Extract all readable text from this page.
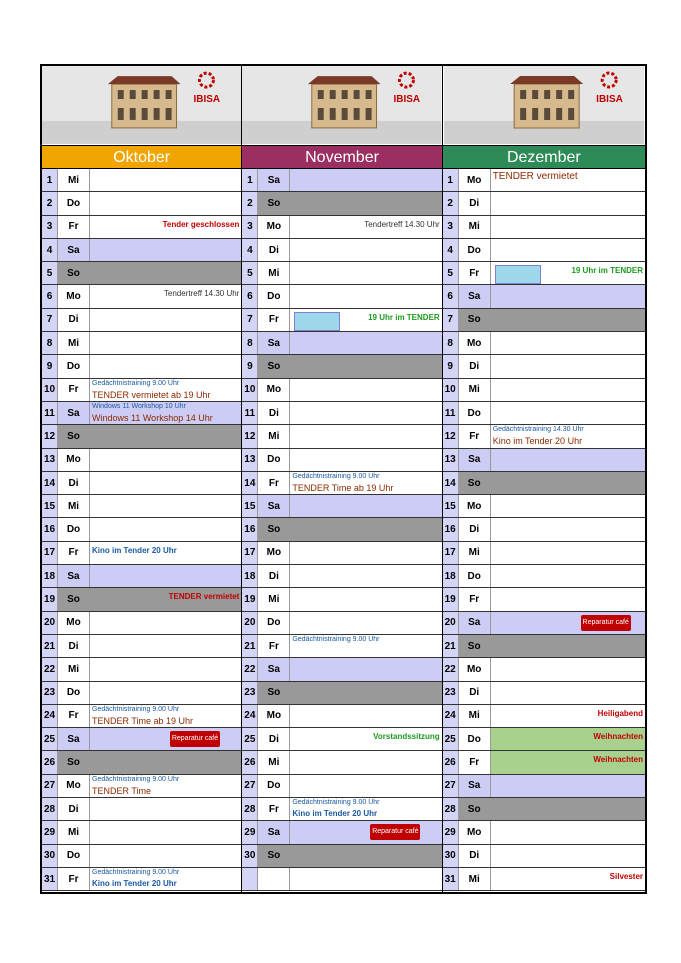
IBISA
Oktober
1	Mi
2	Do
3	Fr	Tender geschlossen
4	Sa
5	So
6	Mo	Tendertreff 14.30 Uhr
7	Di
8	Mi
9	Do
10	Fr
Gedächtnistraining 9.00 Uhr
TENDER vermietet ab 19 Uhr
11	Sa
Windows 11 Workshop 10 Uhr
Windows 11 Workshop 14 Uhr
12	So
13	Mo
14	Di
15	Mi
16	Do
17	Fr	Kino im Tender 20 Uhr
18	Sa
19	So	TENDER vermietet
20	Mo
21	Di
22	Mi
23	Do
24	Fr
Gedächtnistraining 9.00 Uhr
TENDER Time ab 19 Uhr
25	Sa	Reparatur café
26	So
27	Mo
Gedächtnistraining 9.00 Uhr
TENDER Time
28	Di
29	Mi
30	Do
31	Fr
Gedächtnistraining 9.00 Uhr
Kino im Tender 20 Uhr
IBISA
November
1	Sa
2	So
3	Mo	Tendertreff 14.30 Uhr
4	Di
5	Mi
6	Do
7	Fr	19 Uhr im TENDER
8	Sa
9	So
10	Mo
11	Di
12	Mi
13	Do
14	Fr
Gedächtnistraining 9.00 Uhr
TENDER Time ab 19 Uhr
15	Sa
16	So
17	Mo
18	Di
19	Mi
20	Do
21	Fr
Gedächtnistraining 9.00 Uhr
22	Sa
23	So
24	Mo
25	Di	Vorstandssitzung
26	Mi
27	Do
28	Fr
Gedächtnistraining 9.00 Uhr
Kino im Tender 20 Uhr
29	Sa	Reparatur café
30	So
IBISA
Dezember
1	Mo	TENDER vermietet
2	Di
3	Mi
4	Do
5	Fr	19 Uhr im TENDER
6	Sa
7	So
8	Mo
9	Di
10	Mi
11	Do
12	Fr
Gedächtnistraining 14.30 Uhr
Kino im Tender 20 Uhr
13	Sa
14	So
15	Mo
16	Di
17	Mi
18	Do
19	Fr
20	Sa	Reparatur café
21	So
22	Mo
23	Di
24	Mi	Heiligabend
25	Do	Weihnachten
26	Fr	Weihnachten
27	Sa
28	So
29	Mo
30	Di
31	Mi	Silvester
